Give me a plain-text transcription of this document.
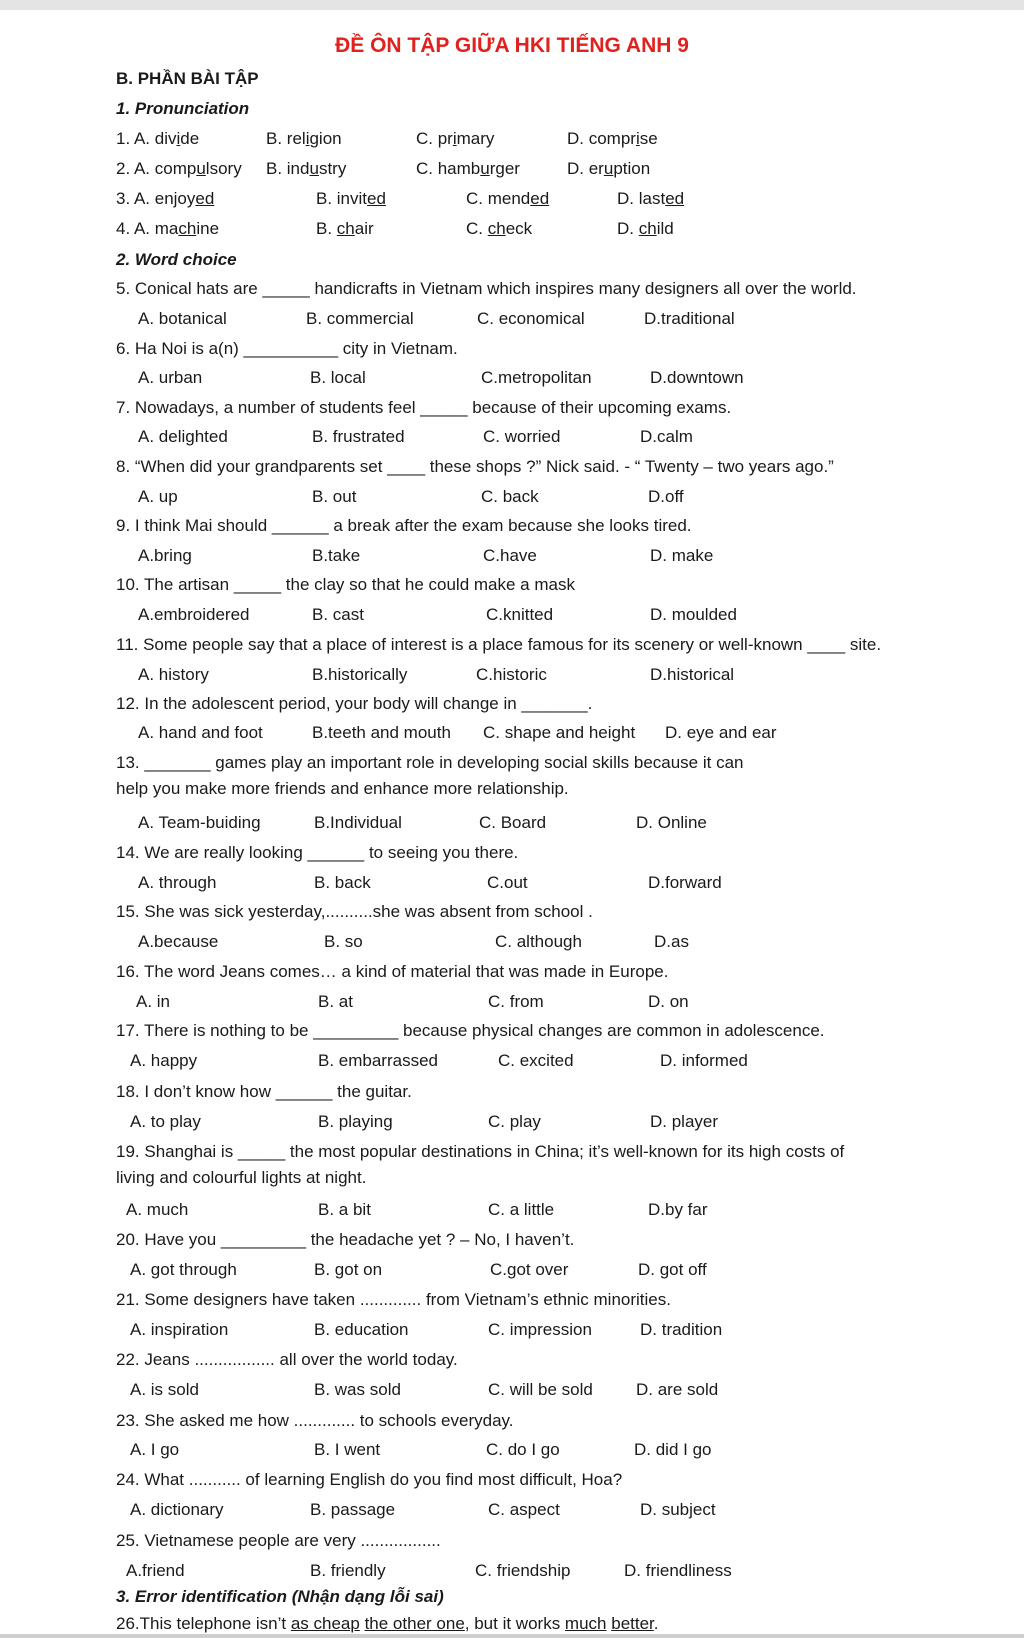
ĐỀ ÔN TẬP GIỮA HKI TIẾNG ANH 9
B. PHẦN BÀI TẬP
1. Pronunciation
1. A. divide	B. religion	C. primary	D. comprise
2. A. compulsory B. industry	C. hamburger	D. eruption
3. A. enjoyed	B. invited	C. mended	D. lasted
4. A. machine	B. chair	C. check	D. child
2. Word choice
5. Conical hats are _____ handicrafts in Vietnam which inspires many designers all over the world.
A. botanical	B. commercial	C. economical	D.traditional
6. Ha Noi is a(n) __________ city in Vietnam.
A. urban	B. local	C.metropolitan	D.downtown
7. Nowadays, a number of students feel _____ because of their upcoming exams.
A. delighted	B. frustrated	C. worried	D.calm
8. “When did your grandparents set ____ these shops ?” Nick said. - “ Twenty – two years ago.”
A. up	B. out	C. back	D.off
9. I think Mai should ______ a break after the exam because she looks tired.
A.bring	B.take	C.have	D. make
10. The artisan _____ the clay so that he could make a mask
A.embroidered	B. cast	C.knitted	D. moulded
11. Some people say that a place of interest is a place famous for its scenery or well-known ____ site.
A. history	B.historically	C.historic	D.historical
12. In the adolescent period, your body will change in _______.
A. hand and foot	B.teeth and mouth C. shape and height D. eye and ear
13. _______ games play an important role in developing social skills because it can
help you make more friends and enhance more relationship.
A. Team-buiding	B.Individual	C. Board	D. Online
14. We are really looking ______ to seeing you there.
A. through	B. back	C.out	D.forward
15. She was sick yesterday,..........she was absent from school .
A.because	B. so	C. although	D.as
16. The word Jeans comes… a kind of material that was made in Europe.
A. in	B. at	C. from	D. on
17. There is nothing to be _________ because physical changes are common in adolescence.
A. happy	B. embarrassed	C. excited	D. informed
18. I don’t know how ______ the guitar.
A. to play	B. playing	C. play	D. player
19. Shanghai is _____ the most popular destinations in China; it’s well-known for its high costs of
living and colourful lights at night.
A. much	B. a bit	C. a little	D.by far
20. Have you _________ the headache yet ? – No, I haven’t.
A. got through	B. got on	C.got over	D. got off
21. Some designers have taken ............. from Vietnam’s ethnic minorities.
A. inspiration	B. education	C. impression	D. tradition
22. Jeans ................. all over the world today.
A. is sold	B. was sold	C. will be sold	D. are sold
23. She asked me how ............. to schools everyday.
A. I go	B. I went	C. do I go	D. did I go
24. What ........... of learning English do you find most difficult, Hoa?
A. dictionary	B. passage	C. aspect	D. subject
25. Vietnamese people are very .................
A.friend	B. friendly	C. friendship	D. friendliness
3. Error identification (Nhận dạng lỗi sai)
26.This telephone isn’t as cheap the other one, but it works much better.
